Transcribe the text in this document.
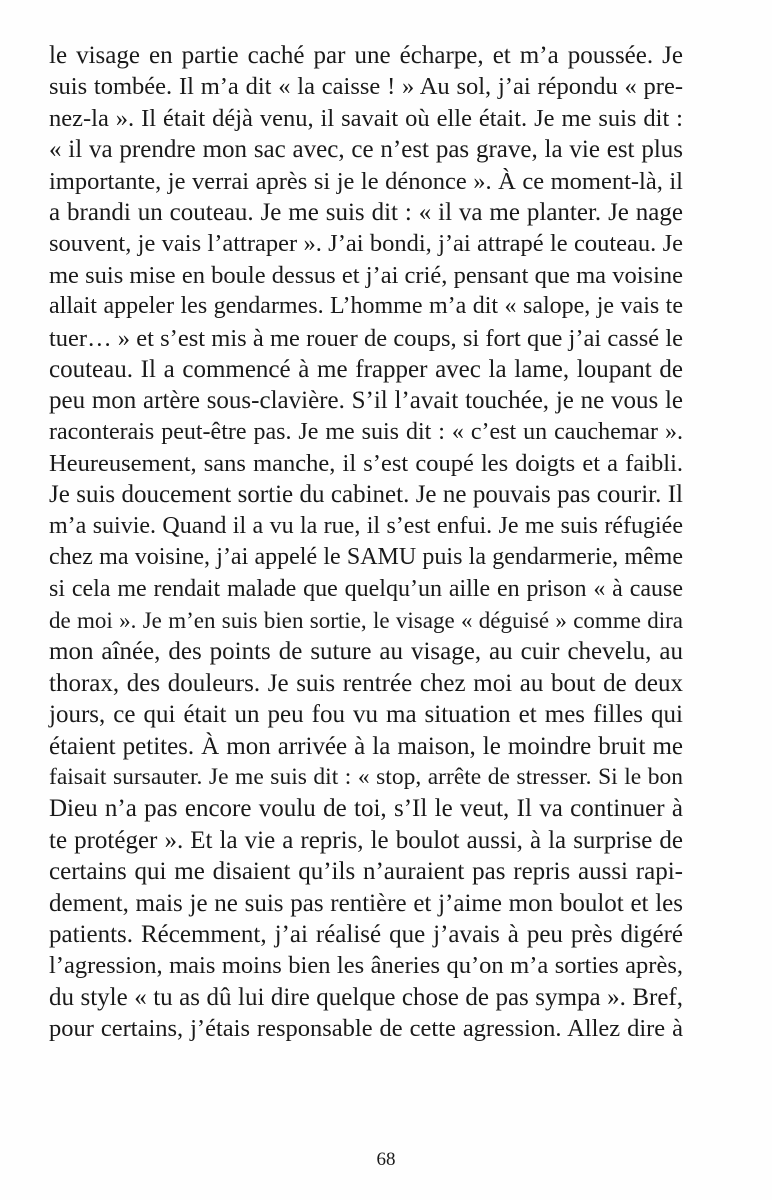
le visage en partie caché par une écharpe, et m’a poussée. Je
suis tombée. Il m’a dit « la caisse ! » Au sol, j’ai répondu « pre-
nez-la ». Il était déjà venu, il savait où elle était. Je me suis dit :
« il va prendre mon sac avec, ce n’est pas grave, la vie est plus
importante, je verrai après si je le dénonce ». À ce moment-là, il
a brandi un couteau. Je me suis dit : « il va me planter. Je nage
souvent, je vais l’attraper ». J’ai bondi, j’ai attrapé le couteau. Je
me suis mise en boule dessus et j’ai crié, pensant que ma voisine
allait appeler les gendarmes. L’homme m’a dit « salope, je vais te
tuer… » et s’est mis à me rouer de coups, si fort que j’ai cassé le
couteau. Il a commencé à me frapper avec la lame, loupant de
peu mon artère sous-clavière. S’il l’avait touchée, je ne vous le
raconterais peut-être pas. Je me suis dit : « c’est un cauchemar ».
Heureusement, sans manche, il s’est coupé les doigts et a faibli.
Je suis doucement sortie du cabinet. Je ne pouvais pas courir. Il
m’a suivie. Quand il a vu la rue, il s’est enfui. Je me suis réfugiée
chez ma voisine, j’ai appelé le SAMU puis la gendarmerie, même
si cela me rendait malade que quelqu’un aille en prison « à cause
de moi ». Je m’en suis bien sortie, le visage « déguisé » comme dira
mon aînée, des points de suture au visage, au cuir chevelu, au
thorax, des douleurs. Je suis rentrée chez moi au bout de deux
jours, ce qui était un peu fou vu ma situation et mes filles qui
étaient petites. À mon arrivée à la maison, le moindre bruit me
faisait sursauter. Je me suis dit : « stop, arrête de stresser. Si le bon
Dieu n’a pas encore voulu de toi, s’Il le veut, Il va continuer à
te protéger ». Et la vie a repris, le boulot aussi, à la surprise de
certains qui me disaient qu’ils n’auraient pas repris aussi rapi-
dement, mais je ne suis pas rentière et j’aime mon boulot et les
patients. Récemment, j’ai réalisé que j’avais à peu près digéré
l’agression, mais moins bien les âneries qu’on m’a sorties après,
du style « tu as dû lui dire quelque chose de pas sympa ». Bref,
pour certains, j’étais responsable de cette agression. Allez dire à
68
